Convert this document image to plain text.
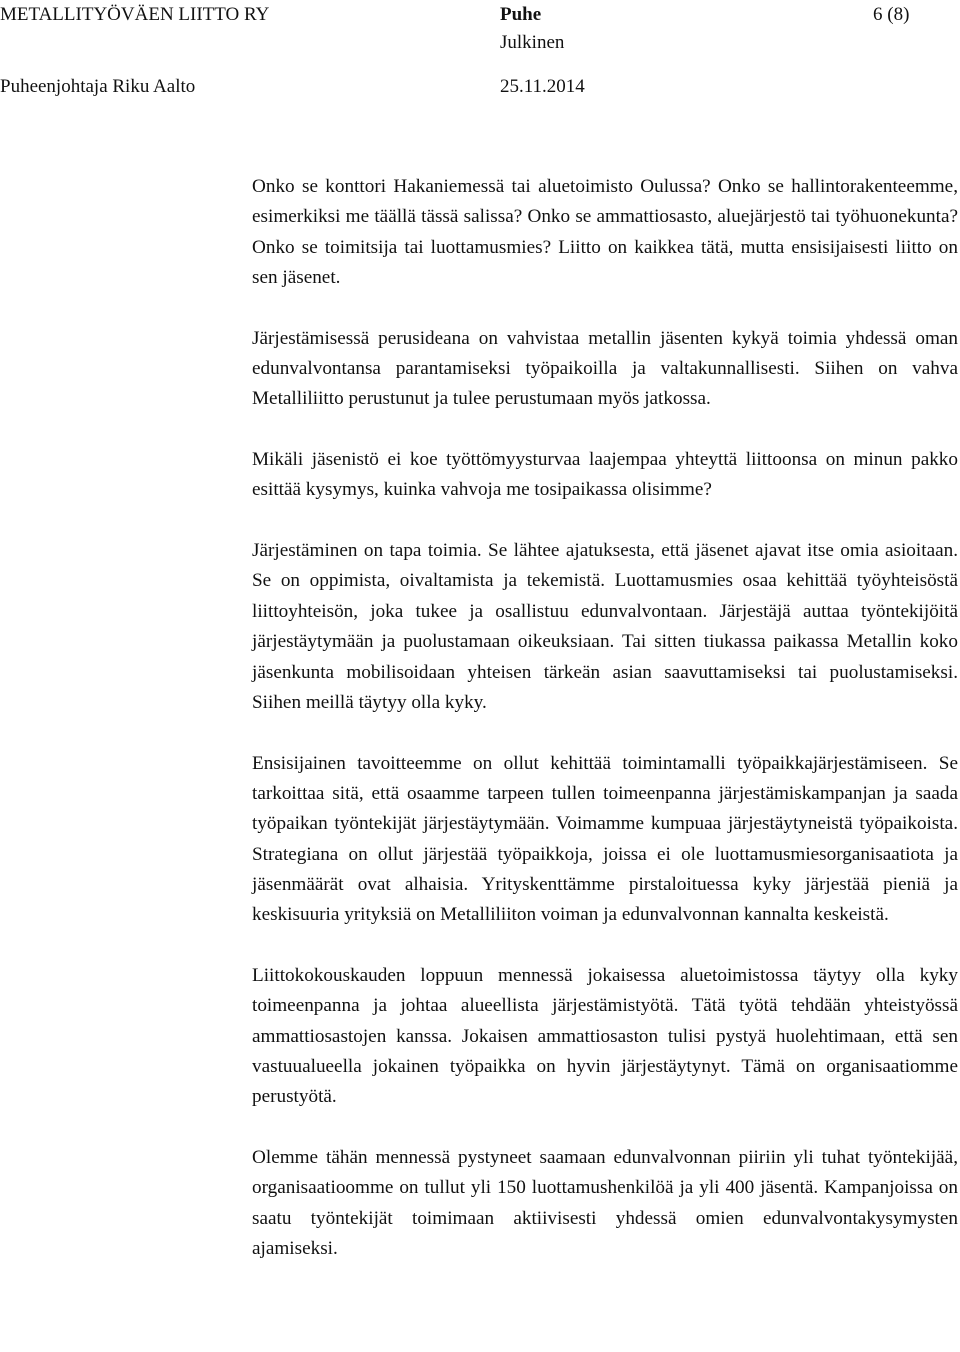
METALLITYÖVÄEN LIITTO RY	Puhe
Julkinen
6 (8)
Puheenjohtaja Riku Aalto	25.11.2014

Onko se konttori Hakaniemessä tai aluetoimisto Oulussa? Onko se hallintorakenteemme, esimerkiksi me täällä tässä salissa? Onko se ammattiosasto, aluejärjestö tai työhuonekunta? Onko se toimitsija tai luottamusmies? Liitto on kaikkea tätä, mutta ensisijaisesti liitto on sen jäsenet.

Järjestämisessä perusideana on vahvistaa metallin jäsenten kykyä toimia yhdessä oman edunvalvontansa parantamiseksi työpaikoilla ja valtakunnallisesti. Siihen on vahva Metalliliitto perustunut ja tulee perustumaan myös jatkossa.

Mikäli jäsenistö ei koe työttömyysturvaa laajempaa yhteyttä liittoonsa on minun pakko esittää kysymys, kuinka vahvoja me tosipaikassa olisimme?

Järjestäminen on tapa toimia. Se lähtee ajatuksesta, että jäsenet ajavat itse omia asioitaan. Se on oppimista, oivaltamista ja tekemistä. Luottamusmies osaa kehittää työyhteisöstä liittoyhteisön, joka tukee ja osallistuu edunvalvontaan. Järjestäjä auttaa työntekijöitä järjestäytymään ja puolustamaan oikeuksiaan. Tai sitten tiukassa paikassa Metallin koko jäsenkunta mobilisoidaan yhteisen tärkeän asian saavuttamiseksi tai puolustamiseksi. Siihen meillä täytyy olla kyky.

Ensisijainen tavoitteemme on ollut kehittää toimintamalli työpaikkajärjestämiseen. Se tarkoittaa sitä, että osaamme tarpeen tullen toimeenpanna järjestämiskampanjan ja saada työpaikan työntekijät järjestäytymään. Voimamme kumpuaa järjestäytyneistä työpaikoista. Strategiana on ollut järjestää työpaikkoja, joissa ei ole luottamusmiesorganisaatiota ja jäsenmäärät ovat alhaisia. Yrityskenttämme pirstaloituessa kyky järjestää pieniä ja keskisuuria yrityksiä on Metalliliiton voiman ja edunvalvonnan kannalta keskeistä.

Liittokokouskauden loppuun mennessä jokaisessa aluetoimistossa täytyy olla kyky toimeenpanna ja johtaa alueellista järjestämistyötä. Tätä työtä tehdään yhteistyössä ammattiosastojen kanssa. Jokaisen ammattiosaston tulisi pystyä huolehtimaan, että sen vastuualueella jokainen työpaikka on hyvin järjestäytynyt. Tämä on organisaatiomme perustyötä.

Olemme tähän mennessä pystyneet saamaan edunvalvonnan piiriin yli tuhat työntekijää, organisaatioomme on tullut yli 150 luottamushenkilöä ja yli 400 jäsentä. Kampanjoissa on saatu työntekijät toimimaan aktiivisesti yhdessä omien edunvalvontakysymysten ajamiseksi.
